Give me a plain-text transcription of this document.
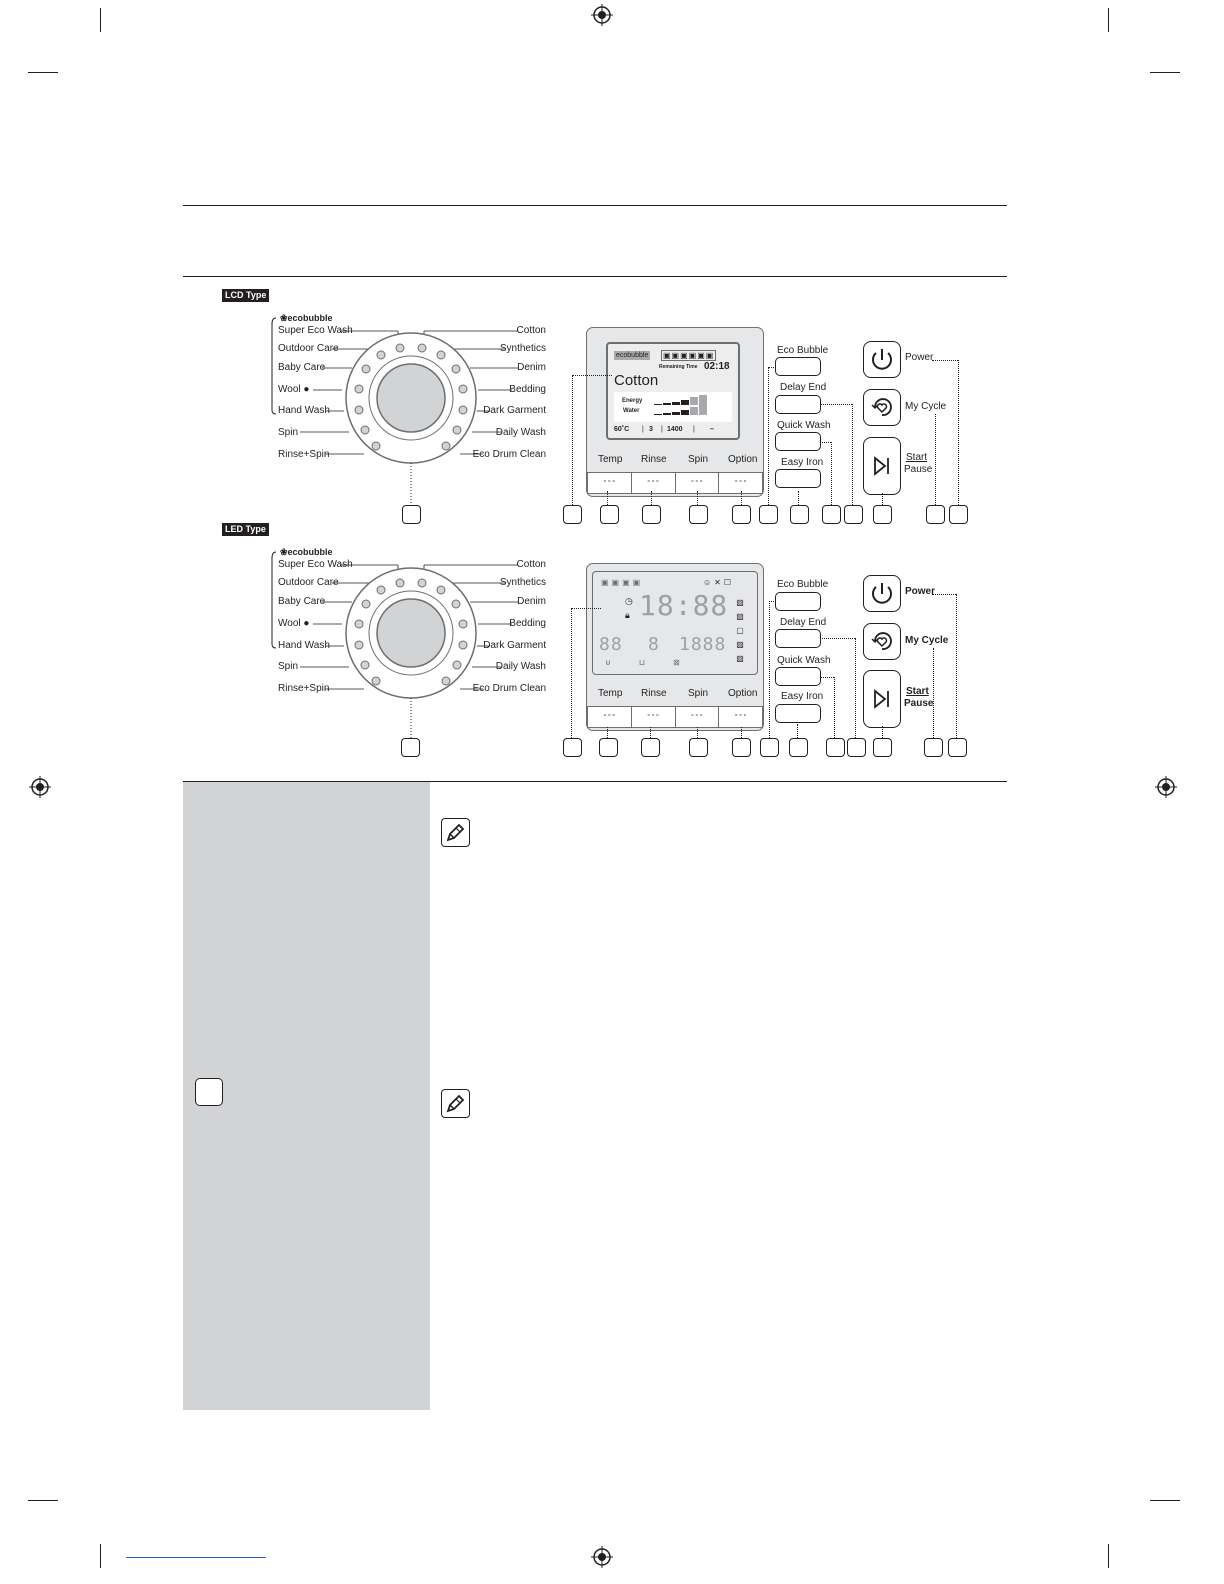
LCD Type
❀ecobubble
Super Eco Wash
Outdoor Care
Baby Care
Wool ●
Hand Wash
Spin
Rinse+Spin
Cotton
Synthetics
Denim
Bedding
Dark Garment
Daily Wash
Eco Drum Clean
ecobubble ▣▣▣▣▣▣
Remaining Time 02:18
Cotton
Energy
Water
60˚C	3 1400	–
| |	|
Temp Rinse Spin Option
∘∘∘	∘∘∘	∘∘∘	∘∘∘
Eco Bubble
Delay End
Quick Wash
Easy Iron
Power
My Cycle
Start
Pause
LED Type
❀ecobubble
Super Eco Wash
Outdoor Care
Baby Care
Wool ●
Hand Wash
Spin
Rinse+Spin
Cotton
Synthetics
Denim
Bedding
Dark Garment
Daily Wash
Eco Drum Clean
▣▣▣▣	☺✕☐
◷
🔒︎ 18:88
88 8 1888
⊍⊔⊠
▨
▨
▢
▨
▨
Temp Rinse Spin Option
∘∘∘	∘∘∘	∘∘∘	∘∘∘
Eco Bubble
Delay End
Quick Wash
Easy Iron
Power
My Cycle
Start
Pause
